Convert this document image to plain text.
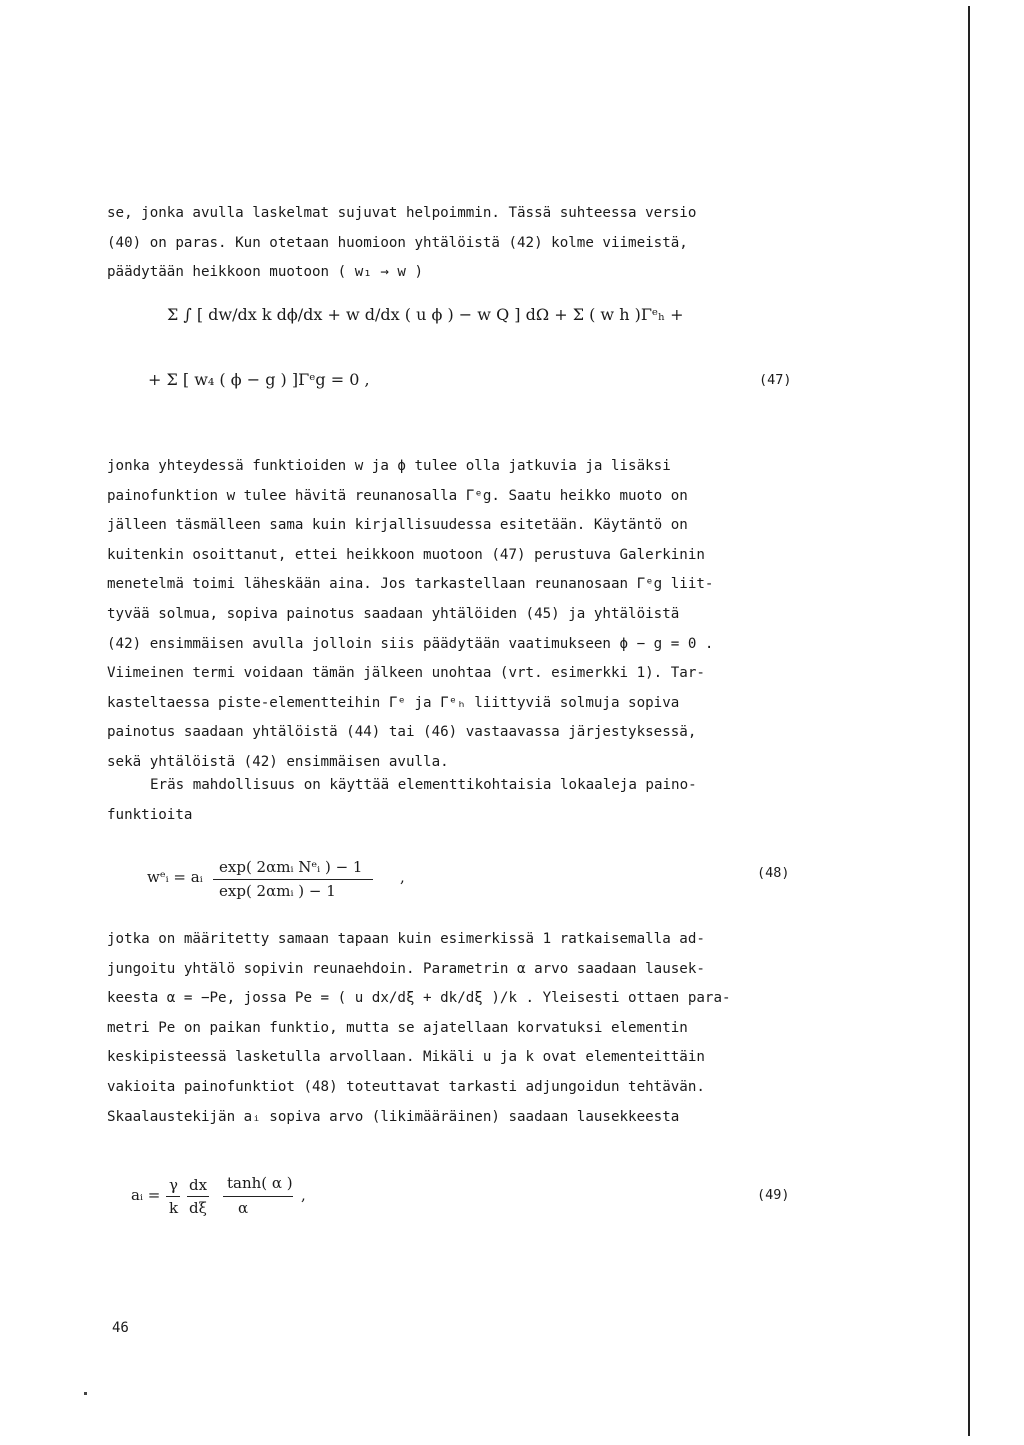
se, jonka avulla laskelmat sujuvat helpoimmin. Tässä suhteessa versio
(40) on paras. Kun otetaan huomioon yhtälöistä (42) kolme viimeistä,
päädytään heikkoon muotoon ( w₁ → w )
jonka yhteydessä funktioiden w ja ϕ tulee olla jatkuvia ja lisäksi
painofunktion w tulee hävitä reunanosalla Γᵉg. Saatu heikko muoto on
jälleen täsmälleen sama kuin kirjallisuudessa esitetään. Käytäntö on
kuitenkin osoittanut, ettei heikkoon muotoon (47) perustuva Galerkinin
menetelmä toimi läheskään aina. Jos tarkastellaan reunanosaan Γᵉg liit-
tyvää solmua, sopiva painotus saadaan yhtälöiden (45) ja yhtälöistä
(42) ensimmäisen avulla jolloin siis päädytään vaatimukseen ϕ − g = 0 .
Viimeinen termi voidaan tämän jälkeen unohtaa (vrt. esimerkki 1). Tar-
kasteltaessa piste-elementteihin Γᵉ ja Γᵉₕ liittyviä solmuja sopiva
painotus saadaan yhtälöistä (44) tai (46) vastaavassa järjestyksessä,
sekä yhtälöistä (42) ensimmäisen avulla.
Eräs mahdollisuus on käyttää elementtikohtaisia lokaaleja paino-
funktioita
jotka on määritetty samaan tapaan kuin esimerkissä 1 ratkaisemalla ad-
jungoitu yhtälö sopivin reunaehdoin. Parametrin α arvo saadaan lausek-
keesta α = −Pe, jossa Pe = ( u dx/dξ + dk/dξ )/k . Yleisesti ottaen para-
metri Pe on paikan funktio, mutta se ajatellaan korvatuksi elementin
keskipisteessä lasketulla arvollaan. Mikäli u ja k ovat elementeittäin
vakioita painofunktiot (48) toteuttavat tarkasti adjungoidun tehtävän.
Skaalaustekijän aᵢ sopiva arvo (likimääräinen) saadaan lausekkeesta
Σ ∫ [ dw/dx k dϕ/dx + w d/dx ( u ϕ ) − w Q ] dΩ + Σ ( w h )Γᵉₕ +
+ Σ [ w₄ ( ϕ − g ) ]Γᵉg = 0 ,	(47)
wᵉᵢ = aᵢ
exp( 2αmᵢ Nᵉᵢ ) − 1
exp( 2αmᵢ ) − 1
,	(48)
aᵢ =
γ
k
dx
dξ
tanh( α )
α
,	(49)
46
